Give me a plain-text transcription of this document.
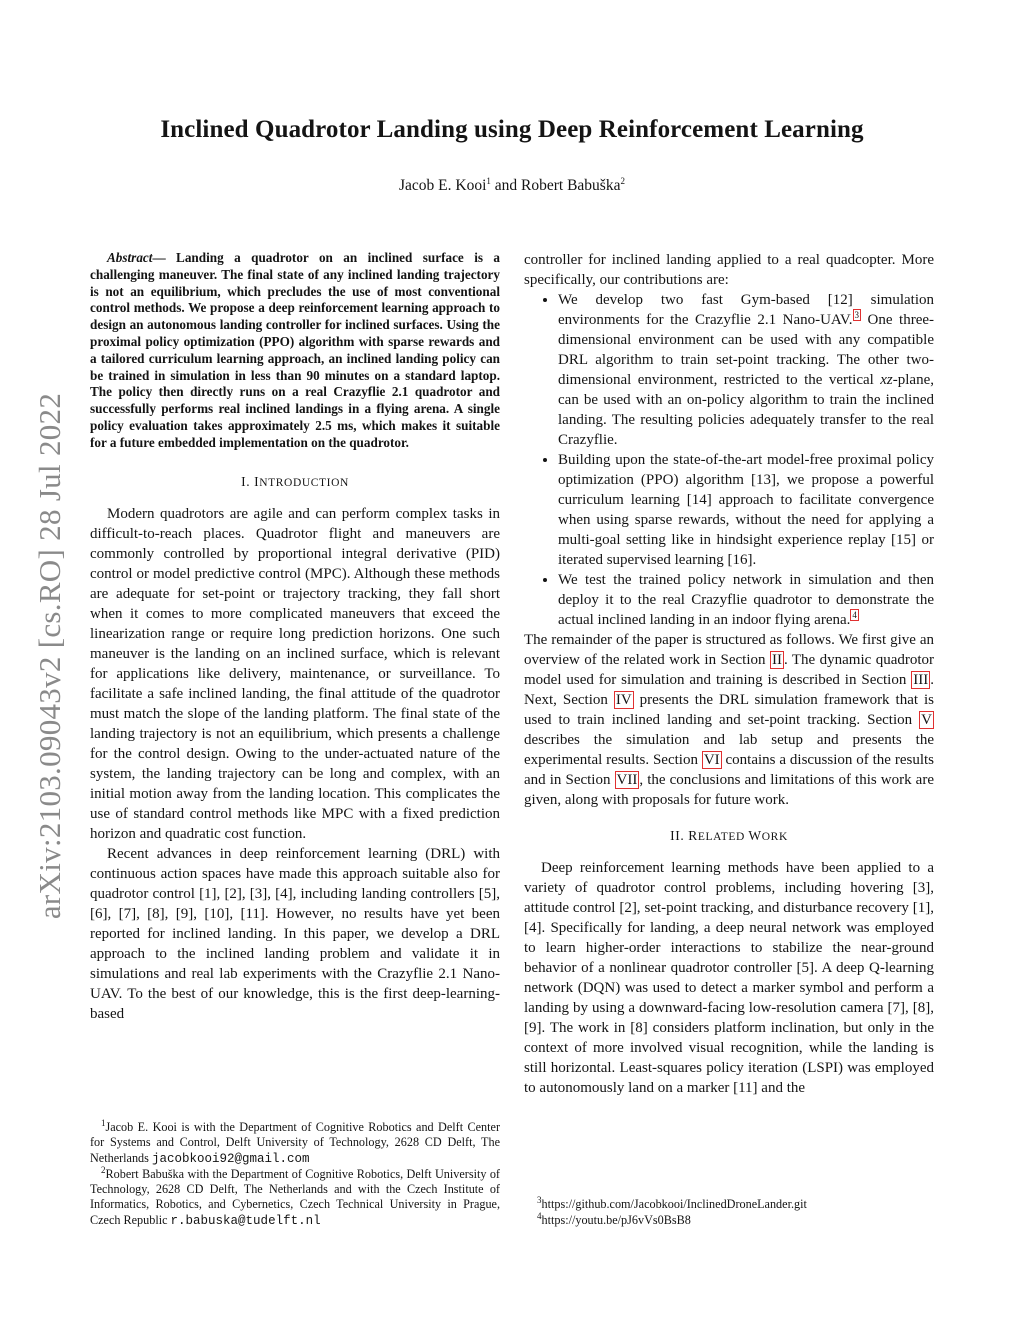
arXiv:2103.09043v2 [cs.RO] 28 Jul 2022
Inclined Quadrotor Landing using Deep Reinforcement Learning
Jacob E. Kooi$^1$ and Robert Babuška$^2$

Abstract— Landing a quadrotor on an inclined surface is a challenging maneuver. The final state of any inclined landing trajectory is not an equilibrium, which precludes the use of most conventional control methods. We propose a deep reinforcement learning approach to design an autonomous landing controller for inclined surfaces. Using the proximal policy optimization (PPO) algorithm with sparse rewards and a tailored curriculum learning approach, an inclined landing policy can be trained in simulation in less than 90 minutes on a standard laptop. The policy then directly runs on a real Crazyflie 2.1 quadrotor and successfully performs real inclined landings in a flying arena. A single policy evaluation takes approximately 2.5 ms, which makes it suitable for a future embedded implementation on the quadrotor.

I. INTRODUCTION

Modern quadrotors are agile and can perform complex tasks in difficult-to-reach places. Quadrotor flight and maneuvers are commonly controlled by proportional integral derivative (PID) control or model predictive control (MPC). Although these methods are adequate for set-point or trajectory tracking, they fall short when it comes to more complicated maneuvers that exceed the linearization range or require long prediction horizons. One such maneuver is the landing on an inclined surface, which is relevant for applications like delivery, maintenance, or surveillance. To facilitate a safe inclined landing, the final attitude of the quadrotor must match the slope of the landing platform. The final state of the landing trajectory is not an equilibrium, which presents a challenge for the control design. Owing to the under-actuated nature of the system, the landing trajectory can be long and complex, with an initial motion away from the landing location. This complicates the use of standard control methods like MPC with a fixed prediction horizon and quadratic cost function.

Recent advances in deep reinforcement learning (DRL) with continuous action spaces have made this approach suitable also for quadrotor control [1], [2], [3], [4], including landing controllers [5], [6], [7], [8], [9], [10], [11]. However, no results have yet been reported for inclined landing. In this paper, we develop a DRL approach to the inclined landing problem and validate it in simulations and real lab experiments with the Crazyflie 2.1 Nano-UAV. To the best of our knowledge, this is the first deep-learning-based

$^1$Jacob E. Kooi is with the Department of Cognitive Robotics and Delft Center for Systems and Control, Delft University of Technology, 2628 CD Delft, The Netherlands jacobkooi92@gmail.com

$^2$Robert Babuška with the Department of Cognitive Robotics, Delft University of Technology, 2628 CD Delft, The Netherlands and with the Czech Institute of Informatics, Robotics, and Cybernetics, Czech Technical University in Prague, Czech Republic r.babuska@tudelft.nl

controller for inclined landing applied to a real quadcopter. More specifically, our contributions are:

• We develop two fast Gym-based [12] simulation environments for the Crazyflie 2.1 Nano-UAV. $^3$ One three-dimensional environment can be used with any compatible DRL algorithm to train set-point tracking. The other two-dimensional environment, restricted to the vertical xz-plane, can be used with an on-policy algorithm to train the inclined landing. The resulting policies adequately transfer to the real Crazyflie.
• Building upon the state-of-the-art model-free proximal policy optimization (PPO) algorithm [13], we propose a powerful curriculum learning [14] approach to facilitate convergence when using sparse rewards, without the need for applying a multi-goal setting like in hindsight experience replay [15] or iterated supervised learning [16].
• We test the trained policy network in simulation and then deploy it to the real Crazyflie quadrotor to demonstrate the actual inclined landing in an indoor flying arena. $^4$

The remainder of the paper is structured as follows. We first give an overview of the related work in Section II . The dynamic quadrotor model used for simulation and training is described in Section III . Next, Section IV presents the DRL simulation framework that is used to train inclined landing and set-point tracking. Section V describes the simulation and lab setup and presents the experimental results. Section VI contains a discussion of the results and in Section VII , the conclusions and limitations of this work are given, along with proposals for future work.

II. RELATED WORK

Deep reinforcement learning methods have been applied to a variety of quadrotor control problems, including hovering [3], attitude control [2], set-point tracking, and disturbance recovery [1], [4]. Specifically for landing, a deep neural network was employed to learn higher-order interactions to stabilize the near-ground behavior of a nonlinear quadrotor controller [5]. A deep Q-learning network (DQN) was used to detect a marker symbol and perform a landing by using a downward-facing low-resolution camera [7], [8], [9]. The work in [8] considers platform inclination, but only in the context of more involved visual recognition, while the landing is still horizontal. Least-squares policy iteration (LSPI) was employed to autonomously land on a marker [11] and the

$^3$https://github.com/Jacobkooi/InclinedDroneLander.git

$^4$https://youtu.be/pJ6vVs0BsB8
